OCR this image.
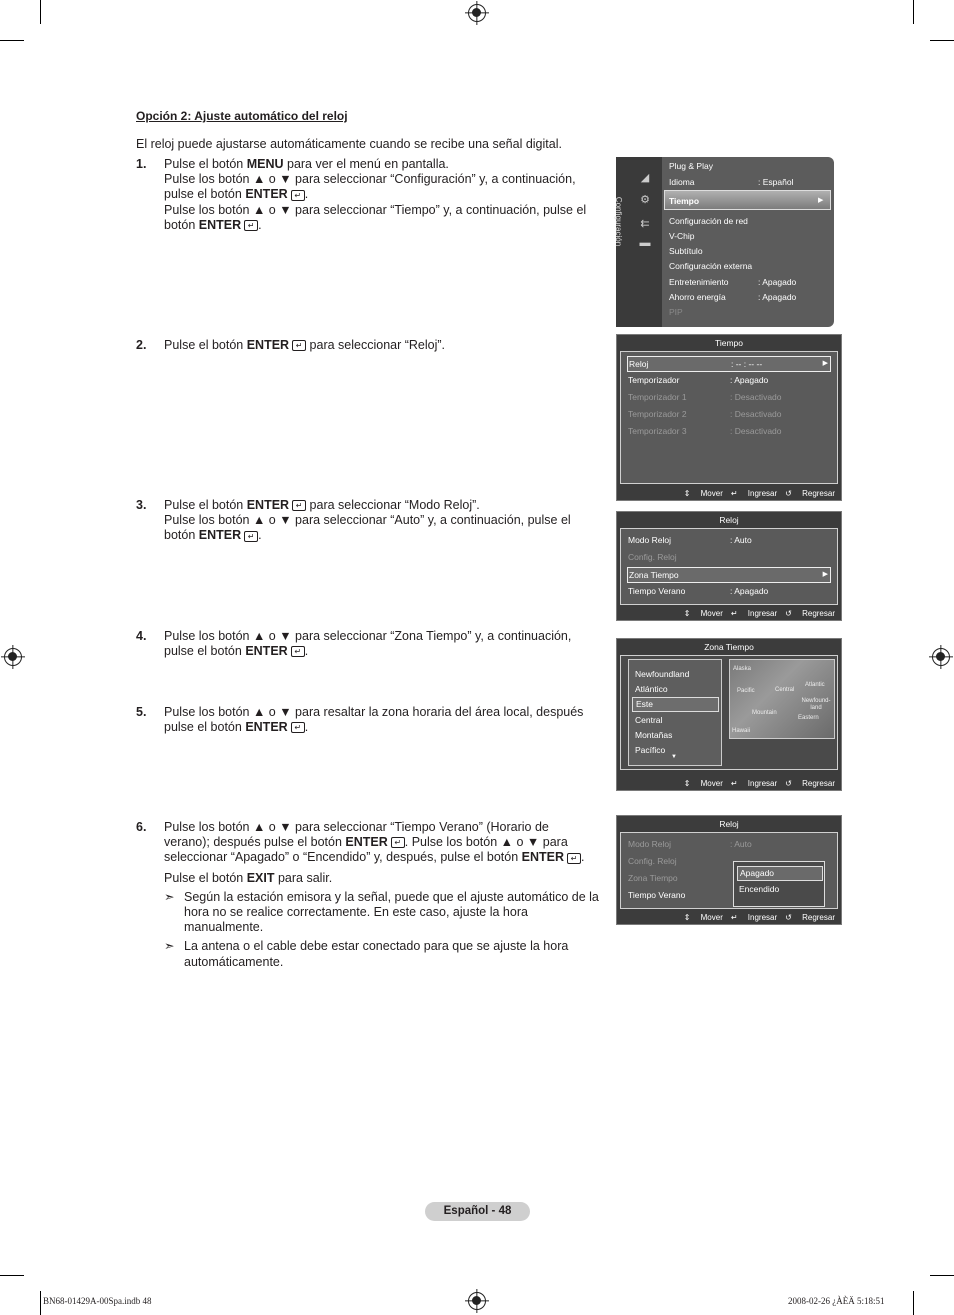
Opción 2: Ajuste automático del reloj
El reloj puede ajustarse automáticamente cuando se recibe una señal digital.
1. Pulse el botón MENU para ver el menú en pantalla.

Pulse los botón ▲ o ▼ para seleccionar “Configuración” y, a continuación,

pulse el botón ENTER ↵ .

Pulse los botón ▲ o ▼ para seleccionar “Tiempo” y, a continuación, pulse el

botón ENTER ↵ .

2. Pulse el botón ENTER ↵ para seleccionar “Reloj”.

3. Pulse el botón ENTER ↵ para seleccionar “Modo Reloj”.

Pulse los botón ▲ o ▼ para seleccionar “Auto” y, a continuación, pulse el

botón ENTER ↵ .

4. Pulse los botón ▲ o ▼ para seleccionar “Zona Tiempo” y, a continuación,

pulse el botón ENTER ↵ .

5. Pulse los botón ▲ o ▼ para resaltar la zona horaria del área local, después

pulse el botón ENTER ↵ .

6. Pulse los botón ▲ o ▼ para seleccionar “Tiempo Verano” (Horario de

verano); después pulse el botón ENTER ↵ . Pulse los botón ▲ o ▼ para

seleccionar “Apagado” o “Encendido” y, después, pulse el botón ENTER ↵ .

Pulse el botón EXIT para salir.

➣ Según la estación emisora y la señal, puede que el ajuste automático de la hora no se realice correctamente. En este caso, ajuste la hora manualmente.
➣ La antena o el cable debe estar conectado para que se ajuste la hora automáticamente.
Configuración
◢
⚙
⇇
▬
Plug & Play
Idioma	: Español
Tiempo	▶
Configuración de red
V-Chip
Subtítulo
Configuración externa
Entretenimiento	: Apagado
Ahorro energía	: Apagado
PIP
Tiempo
Reloj	: -- : -- --	▶
Temporizador	: Apagado
Temporizador 1	: Desactivado
Temporizador 2	: Desactivado
Temporizador 3	: Desactivado
⇕ Mover ↵ Ingresar ↺ Regresar
Reloj
Modo Reloj	: Auto
Config. Reloj
Zona Tiempo	▶
Tiempo Verano	: Apagado
⇕ Mover ↵ Ingresar ↺ Regresar
Zona Tiempo
Newfoundland
Atlántico
Este
Central
Montañas
Pacífico
▼
Alaska
Pacific	Central
Atlantic
Newfound-land
Mountain
Eastern
Hawaii
⇕ Mover ↵ Ingresar ↺ Regresar
Reloj
Modo Reloj	: Auto
Config. Reloj
Zona Tiempo
Tiempo Verano
Apagado
Encendido
⇕ Mover ↵ Ingresar ↺ Regresar
Español - 48
BN68-01429A-00Spa.indb 48	2008-02-26 ¿ÀÈÄ 5:18:51
